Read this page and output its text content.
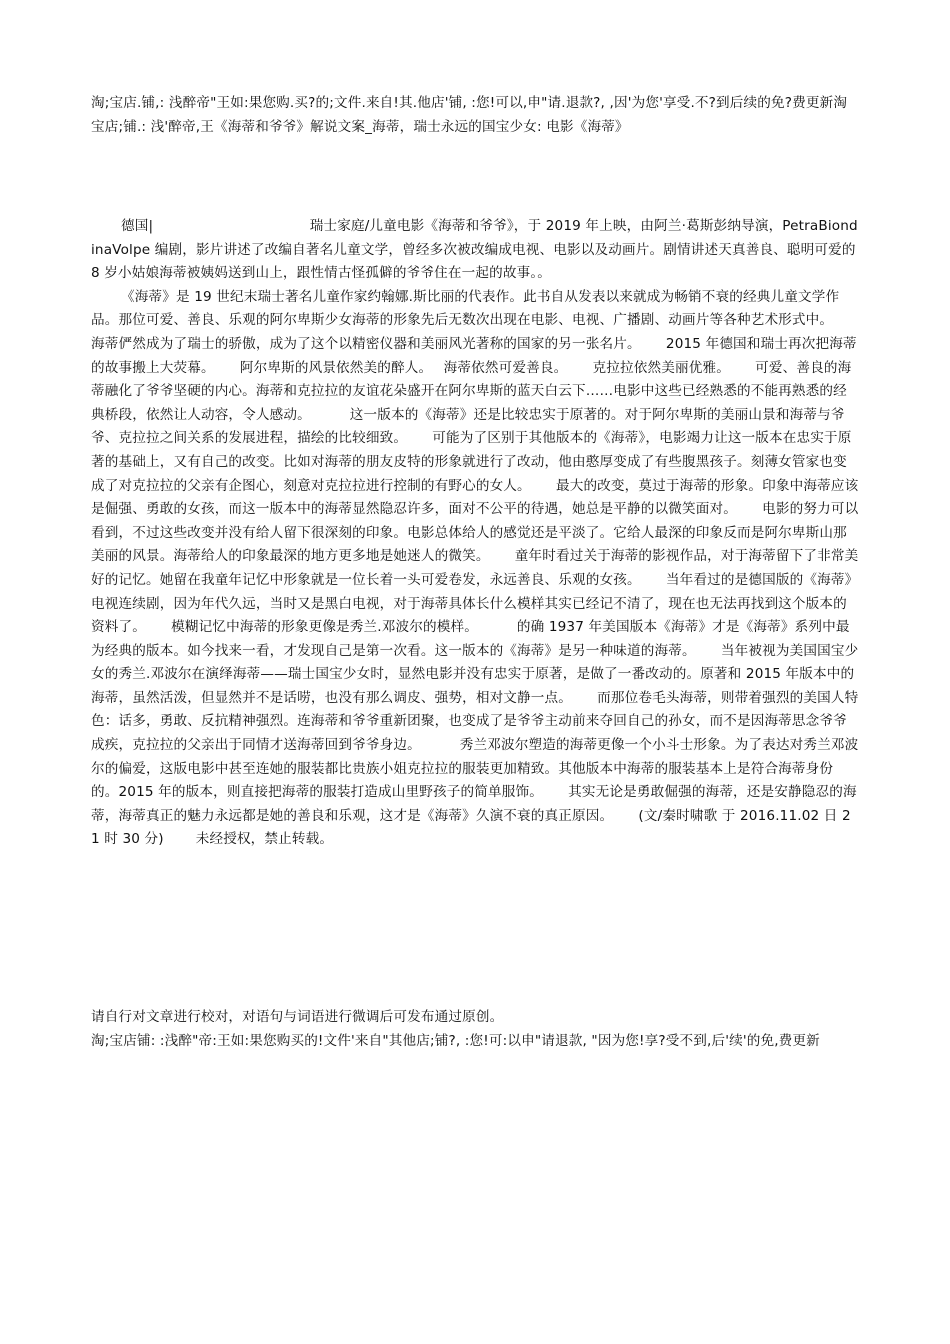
淘;宝店.铺,: 浅醉帝"王如:果您购.买?的;文件.来自!其.他店'铺, :您!可以,申"请.退款?, ,因'为您'享受.不?到后续的免?费更新淘宝店;铺.: 浅'醉帝,王《海蒂和爷爷》解说文案_海蒂，瑞士永远的国宝少女: 电影《海蒂》

德国|	瑞士家庭/儿童电影《海蒂和爷爷》，于 2019 年上映，由阿兰·葛斯彭纳导演，PetraBiondinaVolpe 编剧，影片讲述了改编自著名儿童文学，曾经多次被改编成电视、电影以及动画片。剧情讲述天真善良、聪明可爱的 8 岁小姑娘海蒂被姨妈送到山上，跟性情古怪孤僻的爷爷住在一起的故事。。

《海蒂》是 19 世纪末瑞士著名儿童作家约翰娜.斯比丽的代表作。此书自从发表以来就成为畅销不衰的经典儿童文学作品。那位可爱、善良、乐观的阿尔卑斯少女海蒂的形象先后无数次出现在电影、电视、广播剧、动画片等各种艺术形式中。　　　海蒂俨然成为了瑞士的骄傲，成为了这个以精密仪器和美丽风光著称的国家的另一张名片。　　 2015 年德国和瑞士再次把海蒂的故事搬上大荧幕。　　 阿尔卑斯的风景依然美的醉人。　 海蒂依然可爱善良。　　 克拉拉依然美丽优雅。　　 可爱、善良的海蒂融化了爷爷坚硬的内心。海蒂和克拉拉的友谊花朵盛开在阿尔卑斯的蓝天白云下……电影中这些已经熟悉的不能再熟悉的经典桥段，依然让人动容，令人感动。　　　 这一版本的《海蒂》还是比较忠实于原著的。对于阿尔卑斯的美丽山景和海蒂与爷爷、克拉拉之间关系的发展进程，描绘的比较细致。　　 可能为了区别于其他版本的《海蒂》，电影竭力让这一版本在忠实于原著的基础上，又有自己的改变。比如对海蒂的朋友皮特的形象就进行了改动，他由憨厚变成了有些腹黑孩子。刻薄女管家也变成了对克拉拉的父亲有企图心，刻意对克拉拉进行控制的有野心的女人。　　 最大的改变，莫过于海蒂的形象。印象中海蒂应该是倔强、勇敢的女孩，而这一版本中的海蒂显然隐忍许多，面对不公平的待遇，她总是平静的以微笑面对。　　 电影的努力可以看到，不过这些改变并没有给人留下很深刻的印象。电影总体给人的感觉还是平淡了。它给人最深的印象反而是阿尔卑斯山那美丽的风景。海蒂给人的印象最深的地方更多地是她迷人的微笑。　　 童年时看过关于海蒂的影视作品，对于海蒂留下了非常美好的记忆。她留在我童年记忆中形象就是一位长着一头可爱卷发，永远善良、乐观的女孩。　　 当年看过的是德国版的《海蒂》电视连续剧，因为年代久远，当时又是黑白电视，对于海蒂具体长什么模样其实已经记不清了，现在也无法再找到这个版本的资料了。　　 模糊记忆中海蒂的形象更像是秀兰.邓波尔的模样。　　　 的确 1937 年美国版本《海蒂》才是《海蒂》系列中最为经典的版本。如今找来一看，才发现自己是第一次看。这一版本的《海蒂》是另一种味道的海蒂。　　 当年被视为美国国宝少女的秀兰.邓波尔在演绎海蒂——瑞士国宝少女时，显然电影并没有忠实于原著，是做了一番改动的。原著和 2015 年版本中的海蒂，虽然活泼，但显然并不是话唠，也没有那么调皮、强势，相对文静一点。　　 而那位卷毛头海蒂，则带着强烈的美国人特色：话多，勇敢、反抗精神强烈。连海蒂和爷爷重新团聚，也变成了是爷爷主动前来夺回自己的孙女，而不是因海蒂思念爷爷成疾，克拉拉的父亲出于同情才送海蒂回到爷爷身边。　　　 秀兰邓波尔塑造的海蒂更像一个小斗士形象。为了表达对秀兰邓波尔的偏爱，这版电影中甚至连她的服装都比贵族小姐克拉拉的服装更加精致。其他版本中海蒂的服装基本上是符合海蒂身份的。2015 年的版本，则直接把海蒂的服装打造成山里野孩子的简单服饰。　　 其实无论是勇敢倔强的海蒂，还是安静隐忍的海蒂，海蒂真正的魅力永远都是她的善良和乐观，这才是《海蒂》久演不衰的真正原因。　　 (文/秦时啸歌 于 2016.11.02 日 21 时 30 分)　　 未经授权，禁止转载。

请自行对文章进行校对，对语句与词语进行微调后可发布通过原创。

淘;宝店铺: :浅醉"帝:王如:果您购买的!文件'来自"其他店;铺?, :您!可:以申"请退款, "因为您!享?受不到,后'续'的免,费更新
